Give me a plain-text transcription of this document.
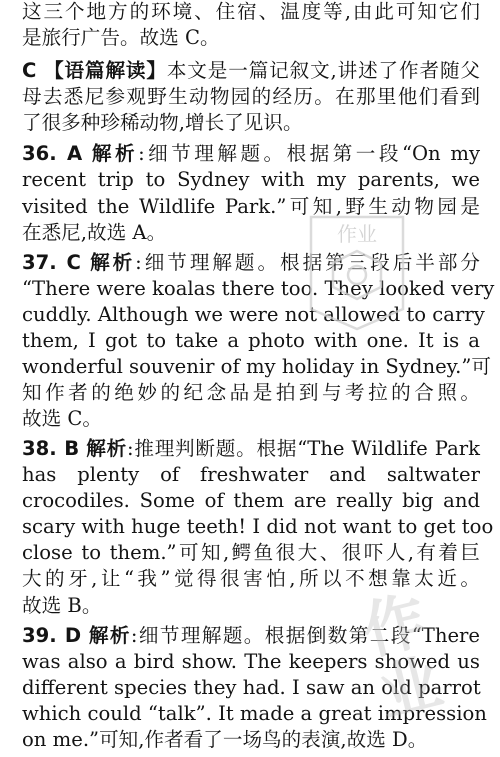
这三个地方的环境、住宿、温度等,由此可知它们
是旅行广告。故选 C。
C 【语篇解读】本文是一篇记叙文,讲述了作者随父
母去悉尼参观野生动物园的经历。在那里他们看到
了很多种珍稀动物,增长了见识。
36. A 解析:细节理解题。根据第一段“On my
recent trip to Sydney with my parents, we
visited the Wildlife Park.”可知,野生动物园是
在悉尼,故选 A。
37. C 解析:细节理解题。根据第三段后半部分
“There were koalas there too. They looked very
cuddly. Although we were not allowed to carry
them, I got to take a photo with one. It is a
wonderful souvenir of my holiday in Sydney.”可
知作者的绝妙的纪念品是拍到与考拉的合照。
故选 C。
38. B 解析:推理判断题。根据“The Wildlife Park
has plenty of freshwater and saltwater
crocodiles. Some of them are really big and
scary with huge teeth! I did not want to get too
close to them.”可知,鳄鱼很大、很吓人,有着巨
大的牙,让“我”觉得很害怕,所以不想靠太近。
故选 B。
39. D 解析:细节理解题。根据倒数第二段“There
was also a bird show. The keepers showed us
different species they had. I saw an old parrot
which could “talk”. It made a great impression
on me.”可知,作者看了一场鸟的表演,故选 D。
作业
作业
